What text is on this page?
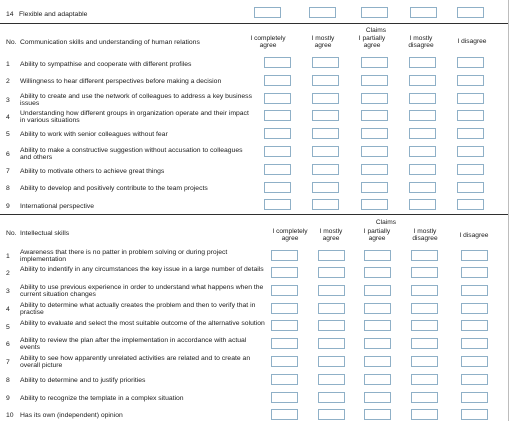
14 Flexible and adaptable
Claims
No. Communication skills and understanding of human relations
I completely agree
I mostly agree
I partially agree
I mostly disagree
I disagree
1 Ability to sympathise and cooperate with different profiles
2 Willingness to hear different perspectives before making a decision
3
Ability to create and use the network of colleagues to address a key business issues
4
Understanding how different groups in organization operate and their impact in various situations
5 Ability to work with senior colleagues without fear
6
Ability to make a constructive suggestion without accusation to colleagues and others
7 Ability to motivate others to achieve great things
8 Ability to develop and positively contribute to the team projects
9 International perspective
Claims
No. Intellectual skills	I completely agree
I mostly agree
I partially agree
I mostly disagree	I disagree
1
Awareness that there is no patter in problem solving or during project implementation
2
Ability to indentify in any circumstances the key issue in a large number of details
3
Ability to use previous experience in order to understand what happens when the current situation changes
4
Ability to determine what actually creates the problem and then to verify that in practise
5
Ability to evaluate and select the most suitable outcome of the alternative solution
6
Ability to review the plan after the implementation in accordance with actual events
7
Ability to see how apparently unrelated activities are related and to create an overall picture
8 Ability to determine and to justify priorities
9 Ability to recognize the template in a complex situation
10 Has its own (independent) opinion
